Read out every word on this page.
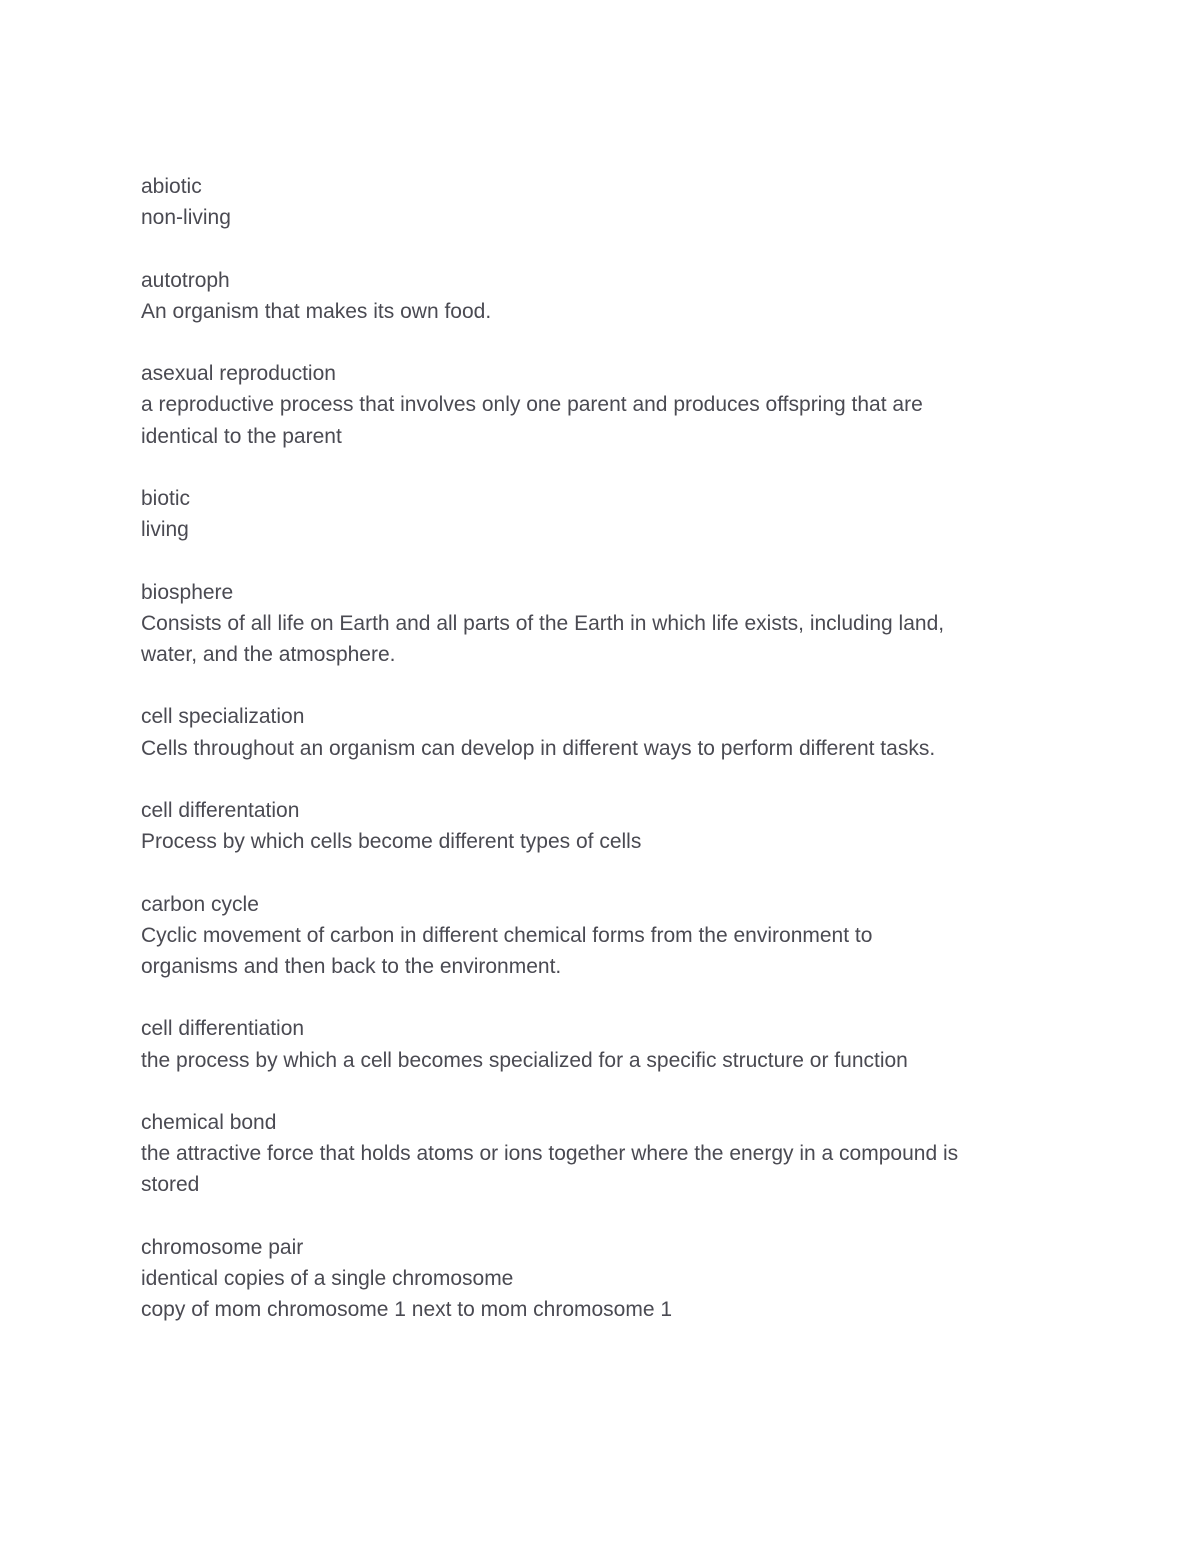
abiotic
non-living
autotroph
An organism that makes its own food.
asexual reproduction
a reproductive process that involves only one parent and produces offspring that are
identical to the parent
biotic
living
biosphere
Consists of all life on Earth and all parts of the Earth in which life exists, including land,
water, and the atmosphere.
cell specialization
Cells throughout an organism can develop in different ways to perform different tasks.
cell differentation
Process by which cells become different types of cells
carbon cycle
Cyclic movement of carbon in different chemical forms from the environment to
organisms and then back to the environment.
cell differentiation
the process by which a cell becomes specialized for a specific structure or function
chemical bond
the attractive force that holds atoms or ions together where the energy in a compound is
stored
chromosome pair
identical copies of a single chromosome
copy of mom chromosome 1 next to mom chromosome 1
